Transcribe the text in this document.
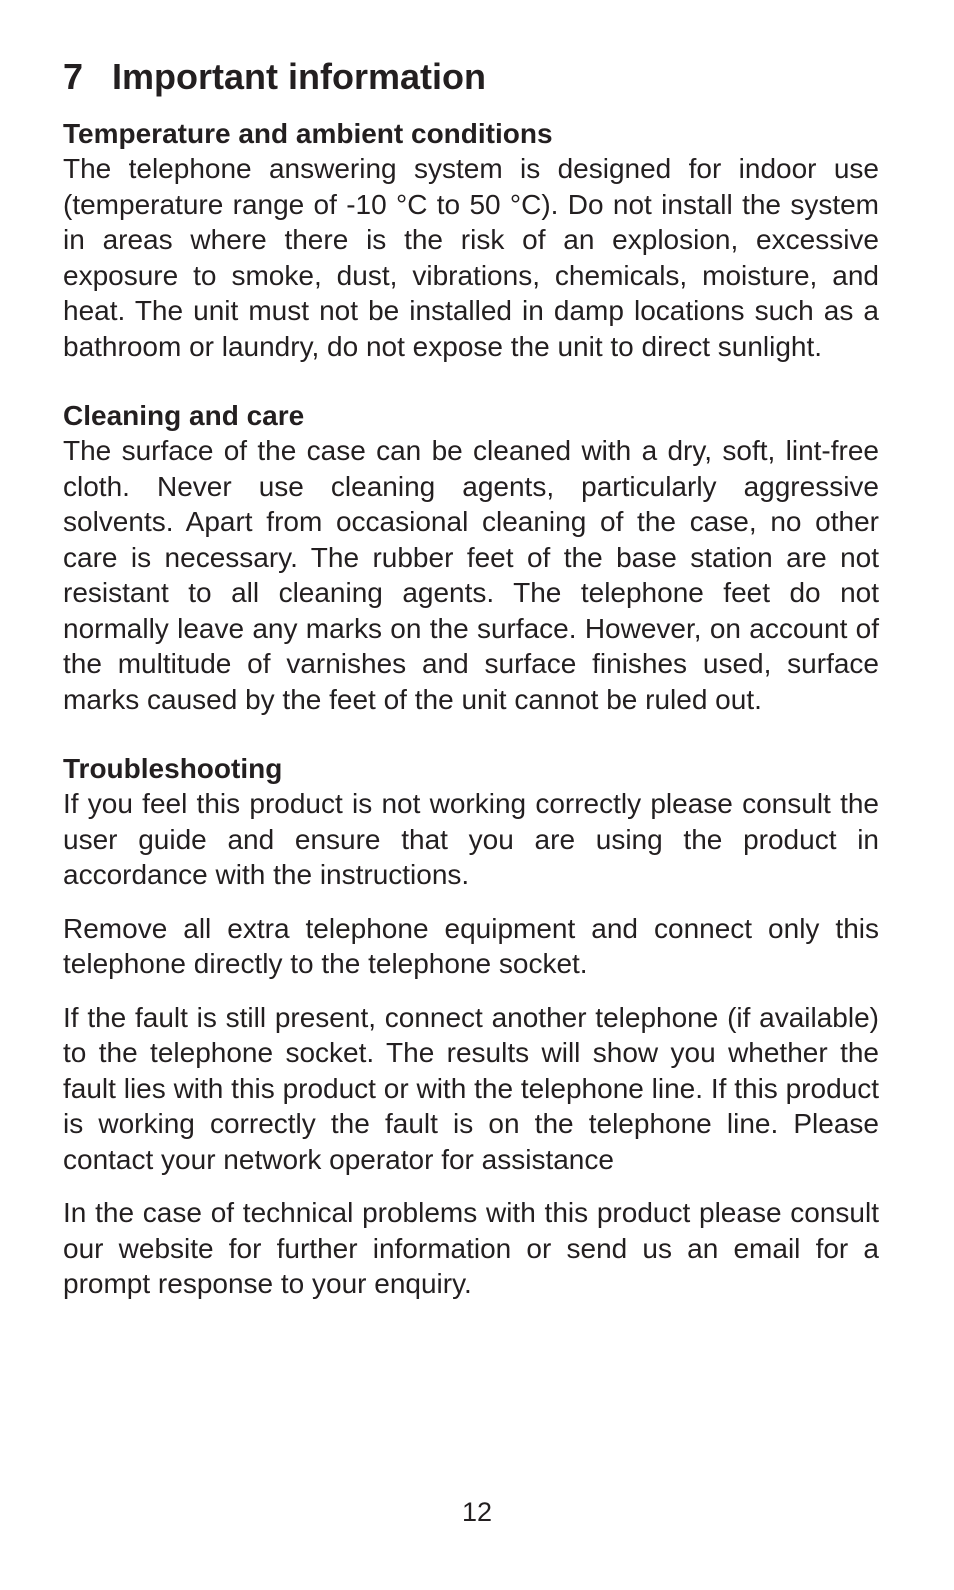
7 Important information
Temperature and ambient conditions

The telephone answering system is designed for indoor use (temperature range of -10 °C to 50 °C). Do not install the system in areas where there is the risk of an explosion, excessive exposure to smoke, dust, vibrations, chemicals, moisture, and heat. The unit must not be installed in damp locations such as a bathroom or laundry, do not expose the unit to direct sunlight.

Cleaning and care

The surface of the case can be cleaned with a dry, soft, lint-free cloth. Never use cleaning agents, particularly aggressive solvents. Apart from occasional cleaning of the case, no other care is necessary. The rubber feet of the base station are not resistant to all cleaning agents. The telephone feet do not normally leave any marks on the surface. However, on account of the multitude of varnishes and surface finishes used, surface marks caused by the feet of the unit cannot be ruled out.

Troubleshooting

If you feel this product is not working correctly please consult the user guide and ensure that you are using the product in accordance with the instructions.

Remove all extra telephone equipment and connect only this telephone directly to the telephone socket.

If the fault is still present, connect another telephone (if available) to the telephone socket. The results will show you whether the fault lies with this product or with the telephone line. If this product is working correctly the fault is on the telephone line. Please contact your network operator for assistance

In the case of technical problems with this product please consult our website for further information or send us an email for a prompt response to your enquiry.

12
